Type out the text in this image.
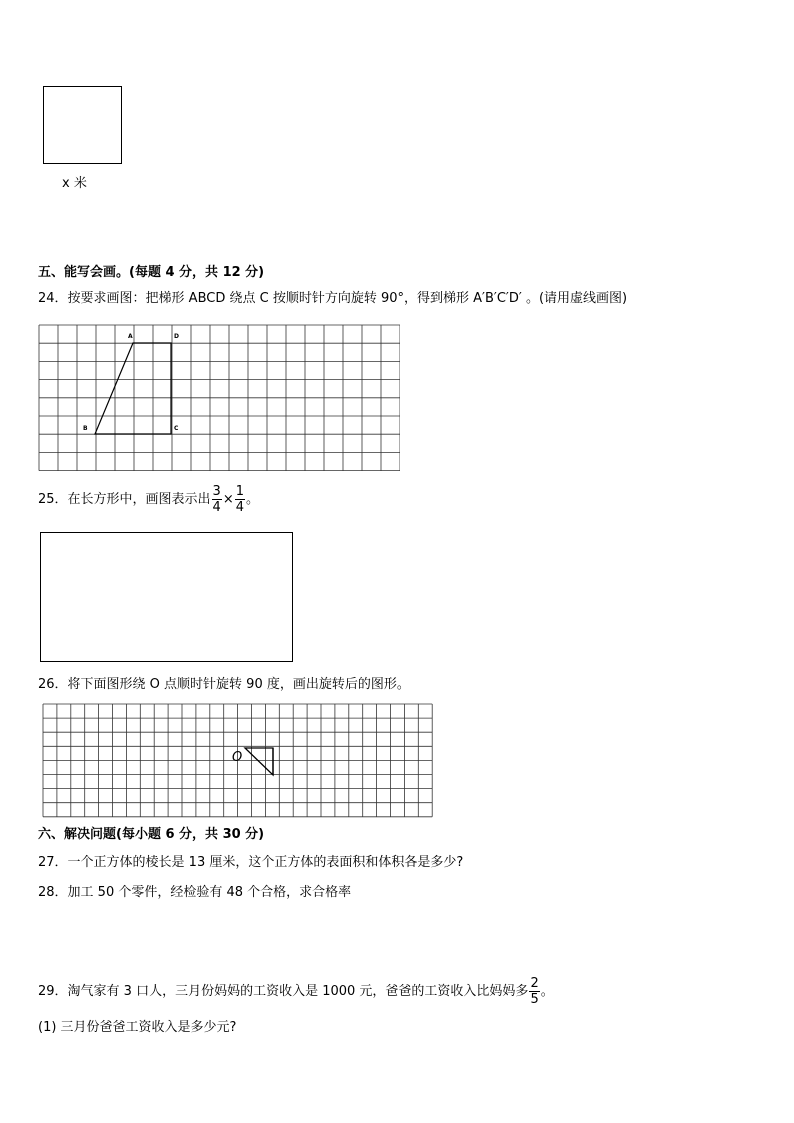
x 米
五、能写会画。(每题 4 分，共 12 分)
24．按要求画图：把梯形 ABCD 绕点 C 按顺时针方向旋转 90°，得到梯形 A′B′C′D′ 。(请用虚线画图)
A	D
B	C
25．在长方形中，画图表示出 $\frac{3}{4} \times \frac{1}{4}$ 。
26．将下面图形绕 O 点顺时针旋转 90 度，画出旋转后的图形。
O
六、解决问题(每小题 6 分，共 30 分)
27．一个正方体的棱长是 13 厘米，这个正方体的表面积和体积各是多少?
28．加工 50 个零件，经检验有 48 个合格，求合格率
29．淘气家有 3 口人，三月份妈妈的工资收入是 1000 元，爸爸的工资收入比妈妈多 $\frac{2}{5}$ 。
(1) 三月份爸爸工资收入是多少元?
